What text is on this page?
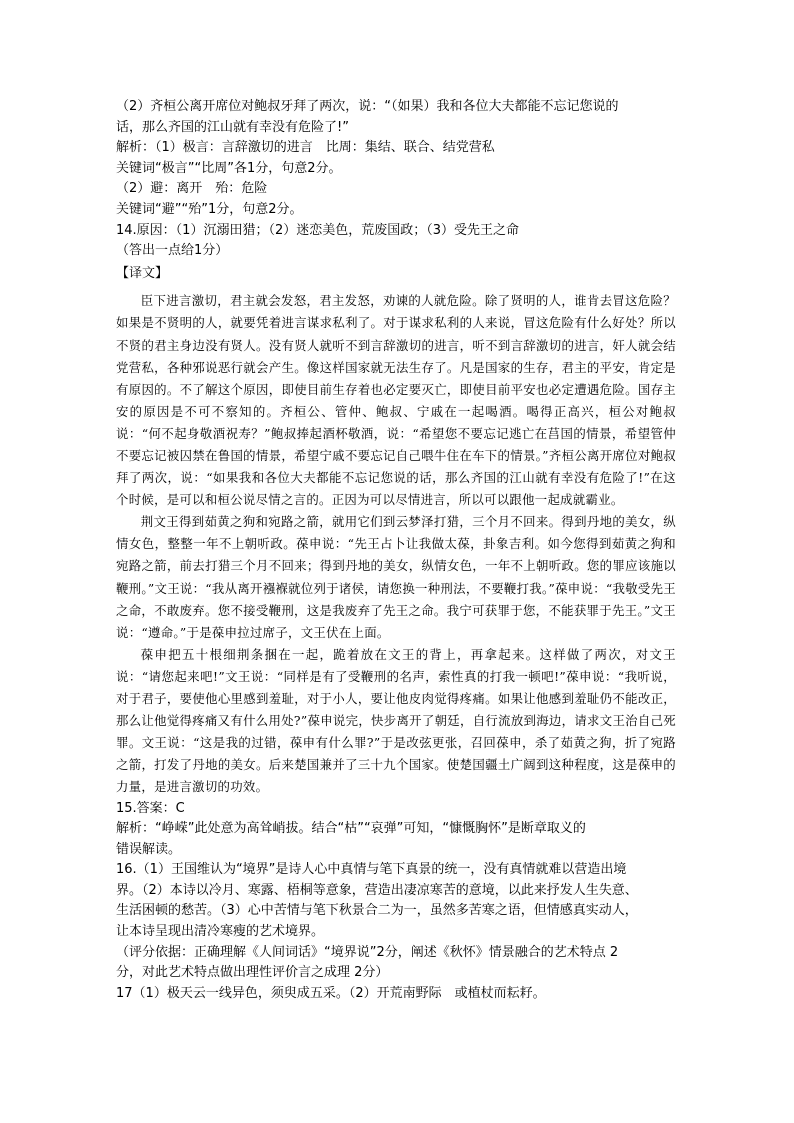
（2）齐桓公离开席位对鲍叔牙拜了两次，说：“（如果）我和各位大夫都能不忘记您说的

话，那么齐国的江山就有幸没有危险了!”

解析：（1）极言：言辞激切的进言　比周：集结、联合、结党营私

关键词“极言”“比周”各1分，句意2分。

（2）避：离开　殆：危险

关键词“避”“殆”1分，句意2分。

14.原因：（1）沉溺田猎；（2）迷恋美色，荒废国政；（3）受先王之命

（答出一点给1分）

【译文】

臣下进言激切，君主就会发怒，君主发怒，劝谏的人就危险。除了贤明的人，谁肯去冒这危险？如果是不贤明的人，就要凭着进言谋求私利了。对于谋求私利的人来说，冒这危险有什么好处？所以不贤的君主身边没有贤人。没有贤人就听不到言辞激切的进言，听不到言辞激切的进言，奸人就会结党营私，各种邪说恶行就会产生。像这样国家就无法生存了。凡是国家的生存，君主的平安，肯定是有原因的。不了解这个原因，即使目前生存着也必定要灭亡，即使目前平安也必定遭遇危险。国存主安的原因是不可不察知的。齐桓公、管仲、鲍叔、宁戚在一起喝酒。喝得正高兴，桓公对鲍叔说：“何不起身敬酒祝寿？”鲍叔捧起酒杯敬酒，说：“希望您不要忘记逃亡在莒国的情景，希望管仲不要忘记被囚禁在鲁国的情景，希望宁戚不要忘记自己喂牛住在车下的情景。”齐桓公离开席位对鲍叔拜了两次，说：“如果我和各位大夫都能不忘记您说的话，那么齐国的江山就有幸没有危险了!”在这个时候，是可以和桓公说尽情之言的。正因为可以尽情进言，所以可以跟他一起成就霸业。

荆文王得到茹黄之狗和宛路之箭，就用它们到云梦泽打猎，三个月不回来。得到丹地的美女，纵情女色，整整一年不上朝听政。葆申说：“先王占卜让我做太葆，卦象吉利。如今您得到茹黄之狗和宛路之箭，前去打猎三个月不回来；得到丹地的美女，纵情女色，一年不上朝听政。您的罪应该施以鞭刑。”文王说：“我从离开襁褓就位列于诸侯，请您换一种刑法，不要鞭打我。”葆申说：“我敬受先王之命，不敢废弃。您不接受鞭刑，这是我废弃了先王之命。我宁可获罪于您，不能获罪于先王。”文王说：“遵命。”于是葆申拉过席子，文王伏在上面。

葆申把五十根细荆条捆在一起，跪着放在文王的背上，再拿起来。这样做了两次，对文王说：“请您起来吧!”文王说：“同样是有了受鞭刑的名声，索性真的打我一顿吧!”葆申说：“我听说，对于君子，要使他心里感到羞耻，对于小人，要让他皮肉觉得疼痛。如果让他感到羞耻仍不能改正，那么让他觉得疼痛又有什么用处?”葆申说完，快步离开了朝廷，自行流放到海边，请求文王治自己死罪。文王说：“这是我的过错，葆申有什么罪?”于是改弦更张，召回葆申，杀了茹黄之狗，折了宛路之箭，打发了丹地的美女。后来楚国兼并了三十九个国家。使楚国疆土广阔到这种程度，这是葆申的力量，是进言激切的功效。

15.答案：C

解析：“峥嵘”此处意为高耸峭拔。结合“枯”“哀弹”可知，“慷慨胸怀”是断章取义的

错误解读。

16.（1）王国维认为“境界”是诗人心中真情与笔下真景的统一，没有真情就难以营造出境

界。（2）本诗以冷月、寒露、梧桐等意象，营造出凄凉寒苦的意境，以此来抒发人生失意、

生活困顿的愁苦。（3）心中苦情与笔下秋景合二为一，虽然多苦寒之语，但情感真实动人，

让本诗呈现出清冷寒瘦的艺术境界。

（评分依据：正确理解《人间词话》“境界说”2分，阐述《秋怀》情景融合的艺术特点 2

分，对此艺术特点做出理性评价言之成理 2分）

17（1）极天云一线异色，须臾成五采。（2）开荒南野际　或植杖而耘耔。
